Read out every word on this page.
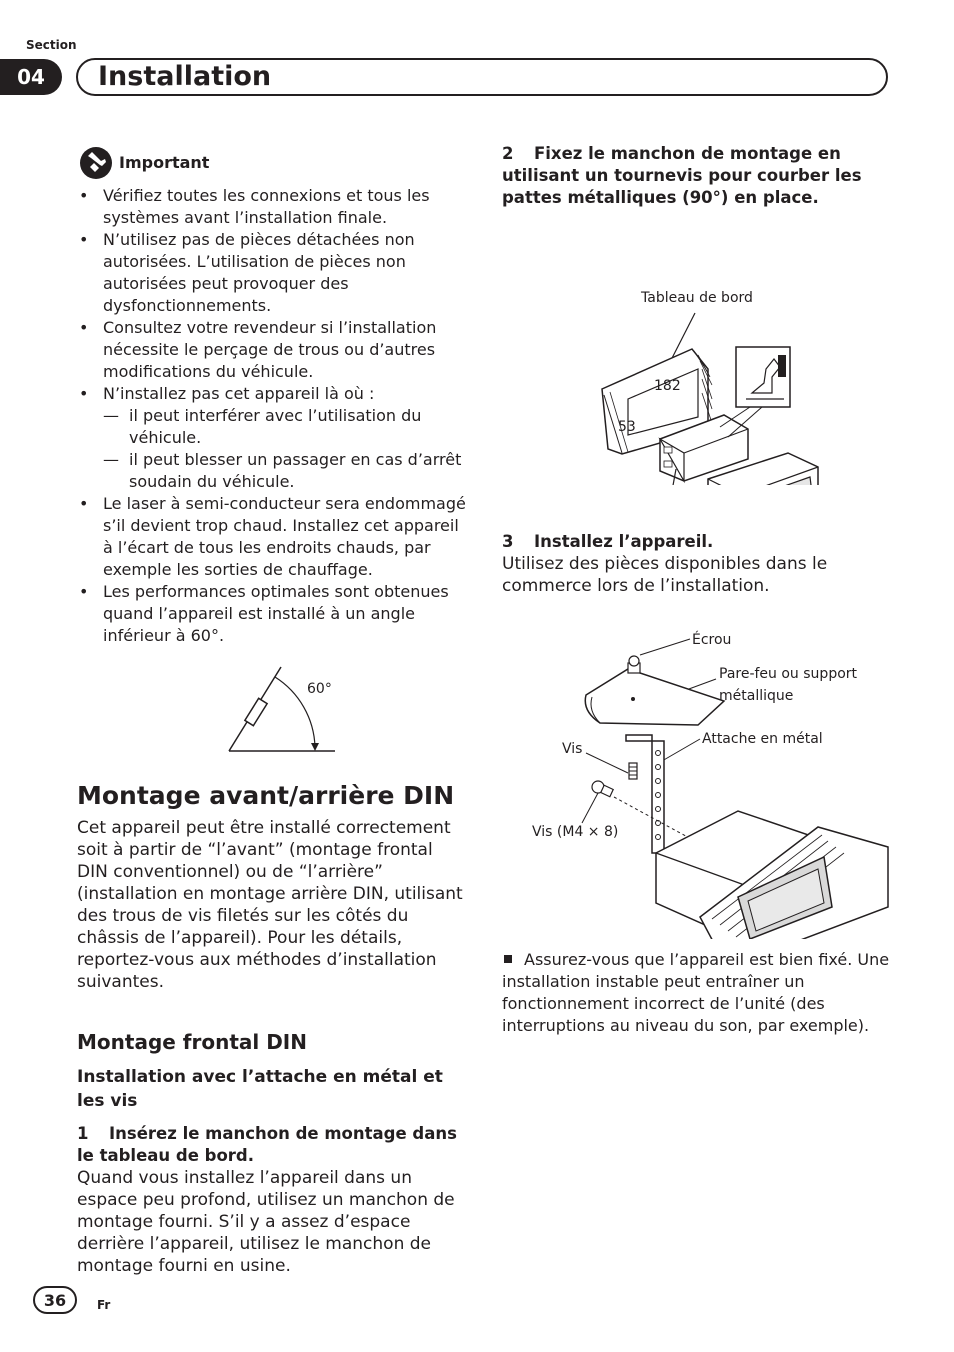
Section
04	Installation
Important
• Vérifiez toutes les connexions et tous les systèmes avant l’installation finale.
• N’utilisez pas de pièces détachées non autorisées. L’utilisation de pièces non autorisées peut provoquer des dysfonctionnements.
• Consultez votre revendeur si l’installation nécessite le perçage de trous ou d’autres modifications du véhicule.
• N’installez pas cet appareil là où :
— il peut interférer avec l’utilisation du véhicule.
— il peut blesser un passager en cas d’arrêt soudain du véhicule.
• Le laser à semi-conducteur sera endommagé s’il devient trop chaud. Installez cet appareil à l’écart de tous les endroits chauds, par exemple les sorties de chauffage.
• Les performances optimales sont obtenues quand l’appareil est installé à un angle inférieur à 60°.
60°
Montage avant/arrière DIN

Cet appareil peut être installé correctement soit à partir de “l’avant” (montage frontal DIN conventionnel) ou de “l’arrière” (installation en montage arrière DIN, utilisant des trous de vis filetés sur les côtés du châssis de l’appareil). Pour les détails, reportez-vous aux méthodes d’installation suivantes.

Montage frontal DIN
Installation avec l’attache en métal et les vis
1 Insérez le manchon de montage dans le tableau de bord.

Quand vous installez l’appareil dans un espace peu profond, utilisez un manchon de montage fourni. S’il y a assez d’espace derrière l’appareil, utilisez le manchon de montage fourni en usine.

2 Fixez le manchon de montage en utilisant un tournevis pour courber les pattes métalliques (90°) en place.
Tableau de bord
182
53
3 Installez l’appareil.

Utilisez des pièces disponibles dans le commerce lors de l’installation.

Écrou
Pare-feu ou support
métallique
Attache en métal
Vis
Vis (M4 × 8)
Assurez-vous que l’appareil est bien fixé. Une installation instable peut entraîner un fonctionnement incorrect de l’unité (des interruptions au niveau du son, par exemple).
36	Fr
